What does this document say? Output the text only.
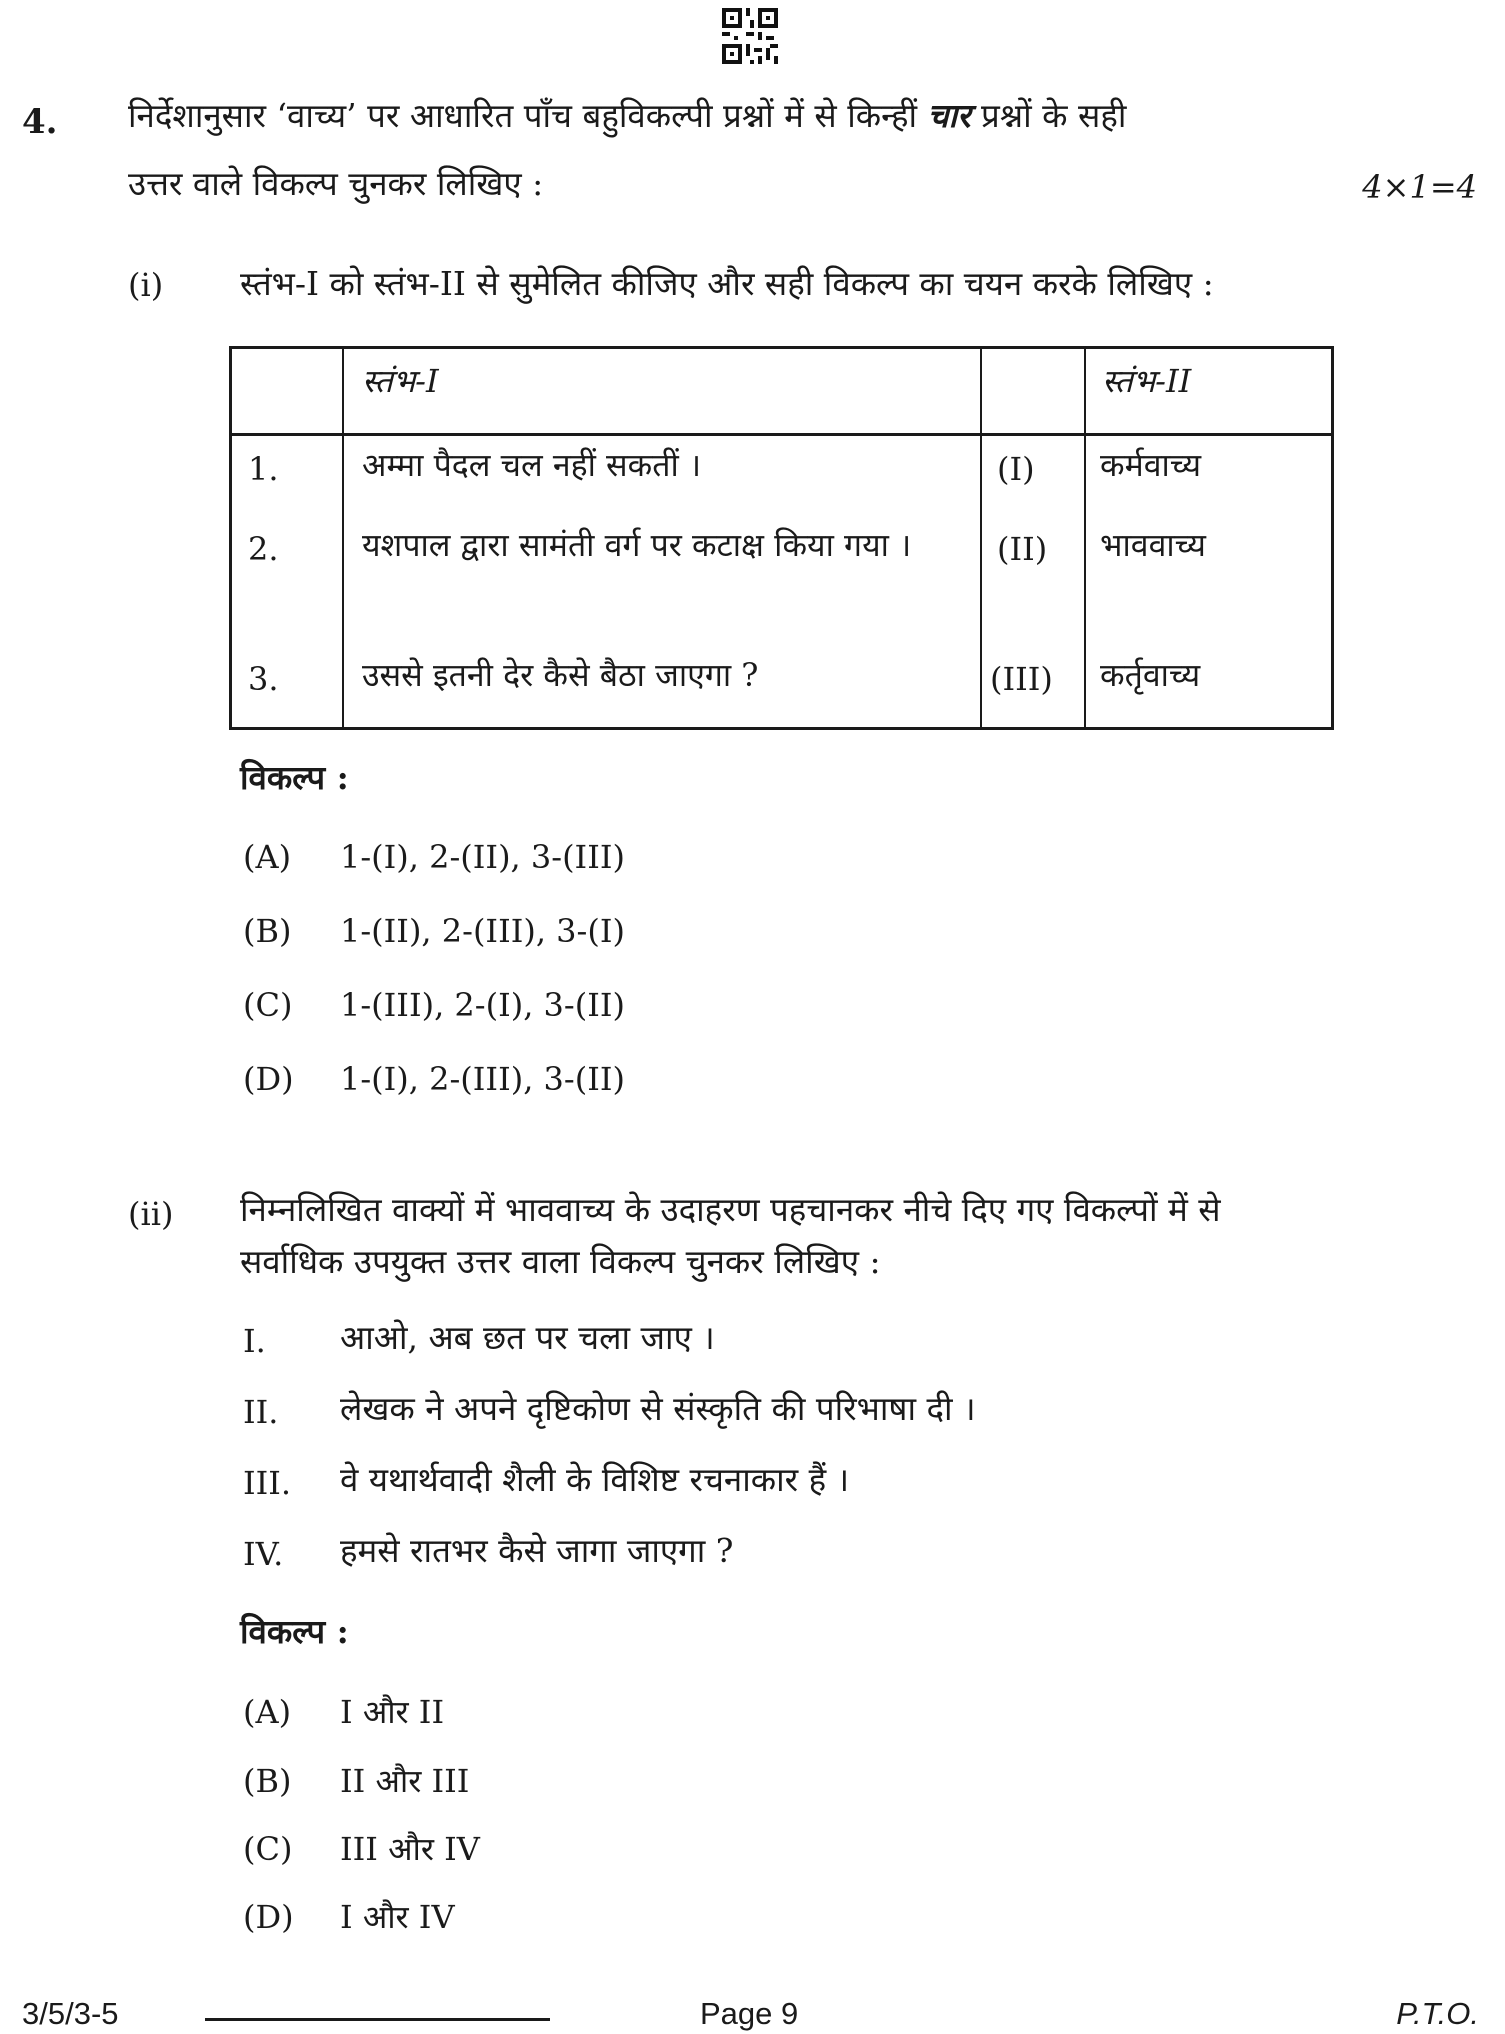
4. निर्देशानुसार ‘वाच्य’ पर आधारित पाँच बहुविकल्पी प्रश्नों में से किन्हीं चार प्रश्नों के सही
उत्तर वाले विकल्प चुनकर लिखिए :	4×1=4
(i) स्तंभ-I को स्तंभ-II से सुमेलित कीजिए और सही विकल्प का चयन करके लिखिए :
स्तंभ-I	स्तंभ-II
1.	अम्मा पैदल चल नहीं सकतीं ।	(I) कर्मवाच्य
2.	यशपाल द्वारा सामंती वर्ग पर कटाक्ष किया गया ।	(II) भाववाच्य
3.	उससे इतनी देर कैसे बैठा जाएगा ?	(III) कर्तृवाच्य
विकल्प :
(A) 1-(I), 2-(II), 3-(III)
(B) 1-(II), 2-(III), 3-(I)
(C) 1-(III), 2-(I), 3-(II)
(D) 1-(I), 2-(III), 3-(II)
(ii) निम्नलिखित वाक्यों में भाववाच्य के उदाहरण पहचानकर नीचे दिए गए विकल्पों में से
सर्वाधिक उपयुक्त उत्तर वाला विकल्प चुनकर लिखिए :
I. आओ, अब छत पर चला जाए ।
II. लेखक ने अपने दृष्टिकोण से संस्कृति की परिभाषा दी ।
III. वे यथार्थवादी शैली के विशिष्ट रचनाकार हैं ।
IV. हमसे रातभर कैसे जागा जाएगा ?
विकल्प :
(A) I और II
(B) II और III
(C) III और IV
(D) I और IV
3/5/3-5	Page 9	P.T.O.
